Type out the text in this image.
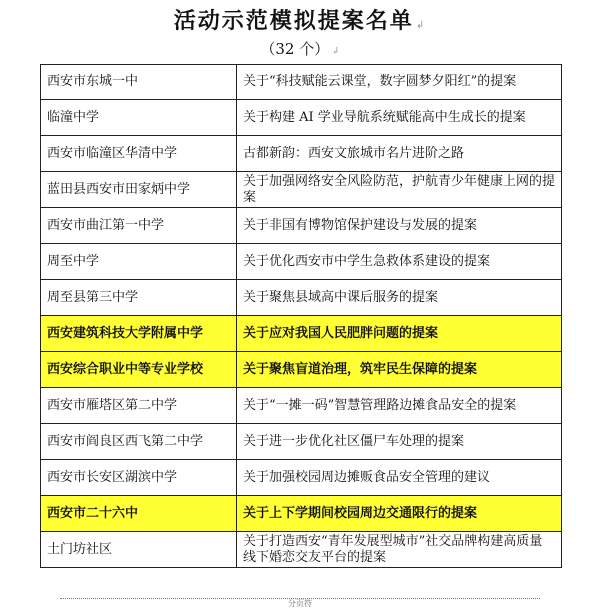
活动示范模拟提案名单 ↲
（32 个） ↲
西安市东城一中	关于“科技赋能云课堂，数字圆梦夕阳红”的提案
临潼中学	关于构建 AI 学业导航系统赋能高中生成长的提案
西安市临潼区华清中学	古都新韵：西安文旅城市名片进阶之路
蓝田县西安市田家炳中学	关于加强网络安全风险防范，护航青少年健康上网的提案
西安市曲江第一中学	关于非国有博物馆保护建设与发展的提案
周至中学	关于优化西安市中学生急救体系建设的提案
周至县第三中学	关于聚焦县域高中课后服务的提案
西安建筑科技大学附属中学	关于应对我国人民肥胖问题的提案
西安综合职业中等专业学校	关于聚焦盲道治理，筑牢民生保障的提案
西安市雁塔区第二中学	关于“一摊一码”智慧管理路边摊食品安全的提案
西安市阎良区西飞第二中学	关于进一步优化社区僵尸车处理的提案
西安市长安区湖滨中学	关于加强校园周边摊贩食品安全管理的建议
西安市二十六中	关于上下学期间校园周边交通限行的提案
土门坊社区	关于打造西安“青年发展型城市”社交品牌构建高质量线下婚恋交友平台的提案
分页符
